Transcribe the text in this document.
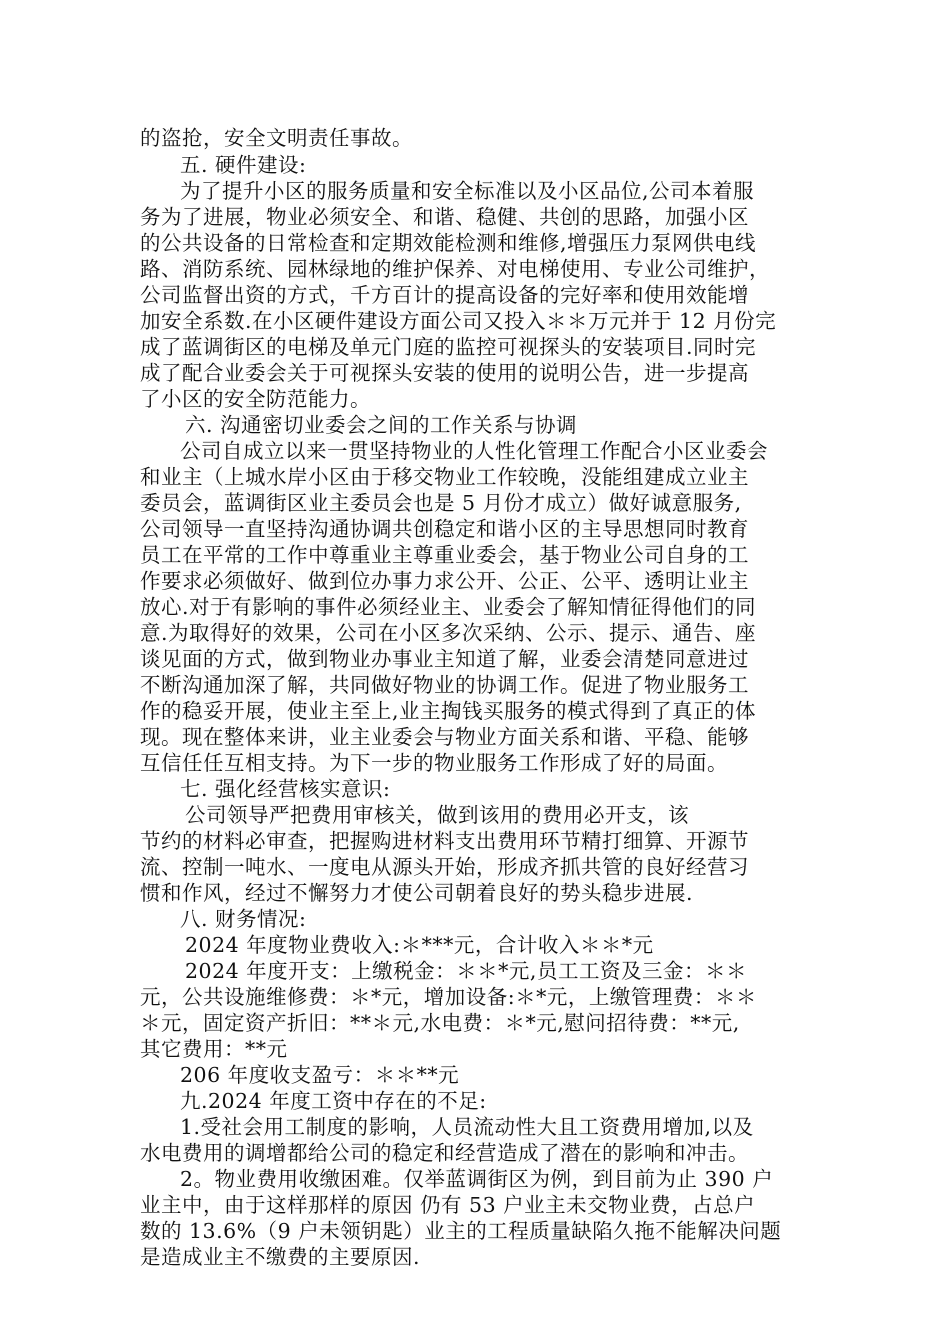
的盗抢，安全文明责任事故。
五. 硬件建设:
为了提升小区的服务质量和安全标准以及小区品位,公司本着服
务为了进展，物业必须安全、和谐、稳健、共创的思路，加强小区
的公共设备的日常检查和定期效能检测和维修,增强压力泵网供电线
路、消防系统、园林绿地的维护保养、对电梯使用、专业公司维护，
公司监督出资的方式，千方百计的提高设备的完好率和使用效能增
加安全系数.在小区硬件建设方面公司又投入＊＊万元并于 12 月份完
成了蓝调街区的电梯及单元门庭的监控可视探头的安装项目.同时完
成了配合业委会关于可视探头安装的使用的说明公告，进一步提高
了小区的安全防范能力。
六. 沟通密切业委会之间的工作关系与协调
公司自成立以来一贯坚持物业的人性化管理工作配合小区业委会
和业主（上城水岸小区由于移交物业工作较晚，没能组建成立业主
委员会，蓝调街区业主委员会也是 5 月份才成立）做好诚意服务,
公司领导一直坚持沟通协调共创稳定和谐小区的主导思想同时教育
员工在平常的工作中尊重业主尊重业委会，基于物业公司自身的工
作要求必须做好、做到位办事力求公开、公正、公平、透明让业主
放心.对于有影响的事件必须经业主、业委会了解知情征得他们的同
意.为取得好的效果，公司在小区多次采纳、公示、提示、通告、座
谈见面的方式，做到物业办事业主知道了解，业委会清楚同意进过
不断沟通加深了解，共同做好物业的协调工作。促进了物业服务工
作的稳妥开展，使业主至上,业主掏钱买服务的模式得到了真正的体
现。现在整体来讲，业主业委会与物业方面关系和谐、平稳、能够
互信任任互相支持。为下一步的物业服务工作形成了好的局面。
七. 强化经营核实意识:
公司领导严把费用审核关，做到该用的费用必开支，该
节约的材料必审查，把握购进材料支出费用环节精打细算、开源节
流、控制一吨水、一度电从源头开始，形成齐抓共管的良好经营习
惯和作风，经过不懈努力才使公司朝着良好的势头稳步进展.
八. 财务情况:
2024 年度物业费收入:＊***元，合计收入＊＊*元
2024 年度开支：上缴税金：＊＊*元,员工工资及三金：＊＊
元，公共设施维修费：＊*元，增加设备:＊*元，上缴管理费：＊＊
＊元，固定资产折旧：**＊元,水电费：＊*元,慰问招待费：**元,
其它费用：**元
206 年度收支盈亏：＊＊**元
九.2024 年度工资中存在的不足:
1.受社会用工制度的影响，人员流动性大且工资费用增加,以及
水电费用的调增都给公司的稳定和经营造成了潜在的影响和冲击。
2。物业费用收缴困难。仅举蓝调街区为例，到目前为止 390 户
业主中，由于这样那样的原因 仍有 53 户业主未交物业费，占总户
数的 13.6%（9 户未领钥匙）业主的工程质量缺陷久拖不能解决问题
是造成业主不缴费的主要原因.
